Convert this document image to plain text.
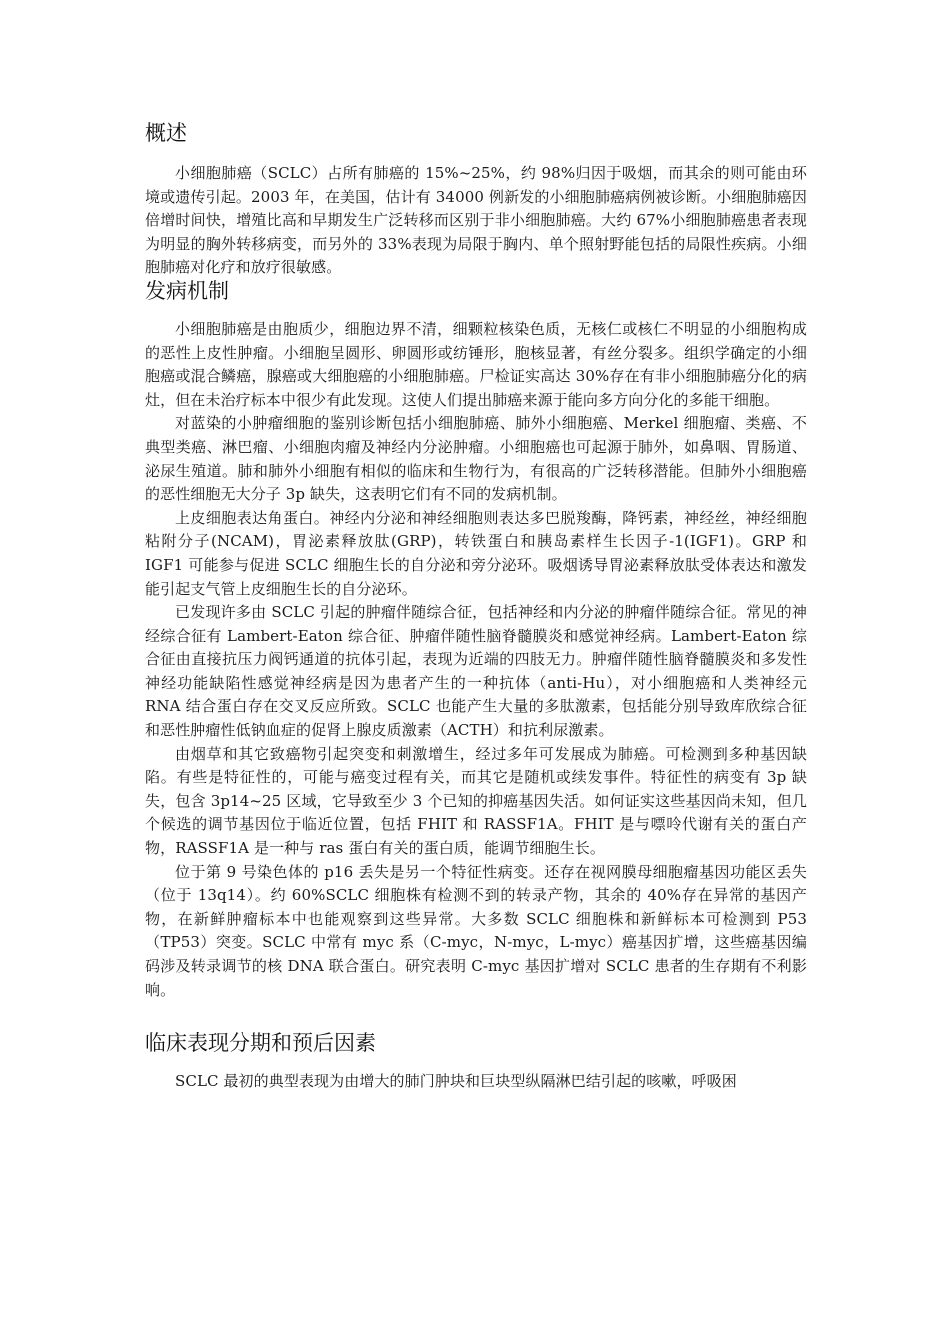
概述

小细胞肺癌（SCLC）占所有肺癌的 15%~25%，约 98%归因于吸烟，而其余的则可能由环境或遗传引起。2003 年，在美国，估计有 34000 例新发的小细胞肺癌病例被诊断。小细胞肺癌因倍增时间快，增殖比高和早期发生广泛转移而区别于非小细胞肺癌。大约 67%小细胞肺癌患者表现为明显的胸外转移病变，而另外的 33%表现为局限于胸内、单个照射野能包括的局限性疾病。小细胞肺癌对化疗和放疗很敏感。

发病机制

小细胞肺癌是由胞质少，细胞边界不清，细颗粒核染色质，无核仁或核仁不明显的小细胞构成的恶性上皮性肿瘤。小细胞呈圆形、卵圆形或纺锤形，胞核显著，有丝分裂多。组织学确定的小细胞癌或混合鳞癌，腺癌或大细胞癌的小细胞肺癌。尸检证实高达 30%存在有非小细胞肺癌分化的病灶，但在未治疗标本中很少有此发现。这使人们提出肺癌来源于能向多方向分化的多能干细胞。

对蓝染的小肿瘤细胞的鉴别诊断包括小细胞肺癌、肺外小细胞癌、Merkel 细胞瘤、类癌、不典型类癌、淋巴瘤、小细胞肉瘤及神经内分泌肿瘤。小细胞癌也可起源于肺外，如鼻咽、胃肠道、泌尿生殖道。肺和肺外小细胞有相似的临床和生物行为，有很高的广泛转移潜能。但肺外小细胞癌的恶性细胞无大分子 3p 缺失，这表明它们有不同的发病机制。

上皮细胞表达角蛋白。神经内分泌和神经细胞则表达多巴脱羧酶，降钙素，神经丝，神经细胞粘附分子(NCAM)，胃泌素释放肽(GRP)，转铁蛋白和胰岛素样生长因子-1(IGF1)。GRP 和 IGF1 可能参与促进 SCLC 细胞生长的自分泌和旁分泌环。吸烟诱导胃泌素释放肽受体表达和激发能引起支气管上皮细胞生长的自分泌环。

已发现许多由 SCLC 引起的肿瘤伴随综合征，包括神经和内分泌的肿瘤伴随综合征。常见的神经综合征有 Lambert-Eaton 综合征、肿瘤伴随性脑脊髓膜炎和感觉神经病。Lambert-Eaton 综合征由直接抗压力阀钙通道的抗体引起，表现为近端的四肢无力。肿瘤伴随性脑脊髓膜炎和多发性神经功能缺陷性感觉神经病是因为患者产生的一种抗体（anti-Hu），对小细胞癌和人类神经元 RNA 结合蛋白存在交叉反应所致。SCLC 也能产生大量的多肽激素，包括能分别导致库欣综合征和恶性肿瘤性低钠血症的促肾上腺皮质激素（ACTH）和抗利尿激素。

由烟草和其它致癌物引起突变和刺激增生，经过多年可发展成为肺癌。可检测到多种基因缺陷。有些是特征性的，可能与癌变过程有关，而其它是随机或续发事件。特征性的病变有 3p 缺失，包含 3p14~25 区域，它导致至少 3 个已知的抑癌基因失活。如何证实这些基因尚未知，但几个候选的调节基因位于临近位置，包括 FHIT 和 RASSF1A。FHIT 是与嘌呤代谢有关的蛋白产物，RASSF1A 是一种与 ras 蛋白有关的蛋白质，能调节细胞生长。

位于第 9 号染色体的 p16 丢失是另一个特征性病变。还存在视网膜母细胞瘤基因功能区丢失（位于 13q14）。约 60%SCLC 细胞株有检测不到的转录产物，其余的 40%存在异常的基因产物，在新鲜肿瘤标本中也能观察到这些异常。大多数 SCLC 细胞株和新鲜标本可检测到 P53（TP53）突变。SCLC 中常有 myc 系（C-myc，N-myc，L-myc）癌基因扩增，这些癌基因编码涉及转录调节的核 DNA 联合蛋白。研究表明 C-myc 基因扩增对 SCLC 患者的生存期有不利影响。

临床表现分期和预后因素

SCLC 最初的典型表现为由增大的肺门肿块和巨块型纵隔淋巴结引起的咳嗽，呼吸困
